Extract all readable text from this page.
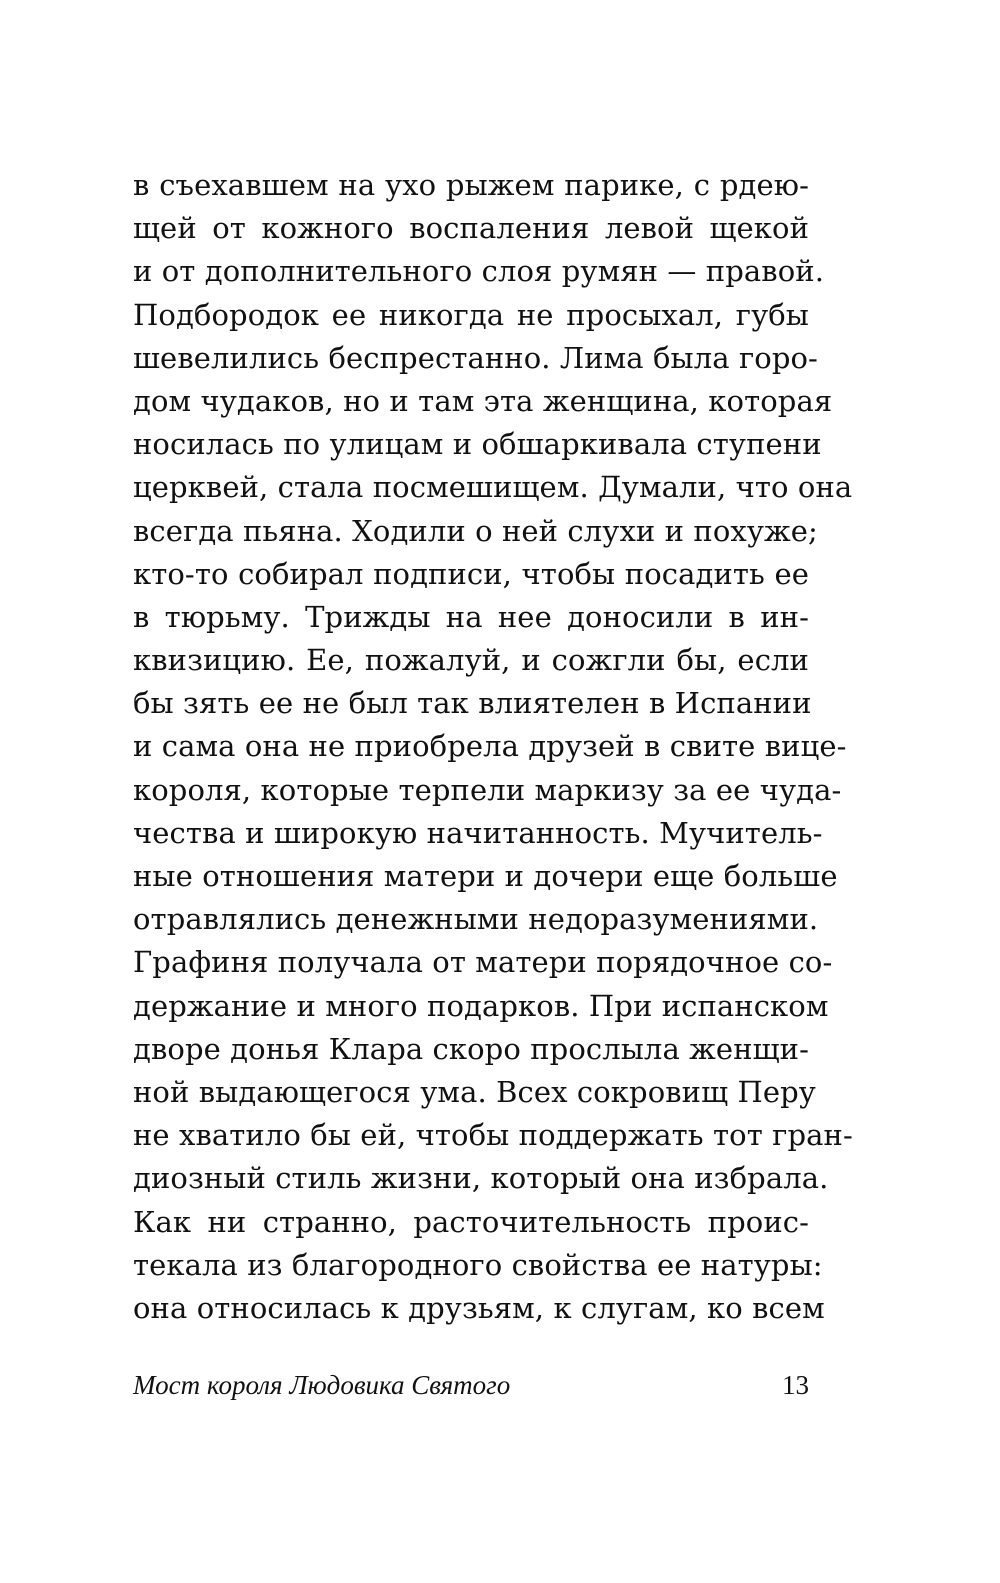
в съехавшем на ухо рыжем парике, с рдею-
щей от кожного воспаления левой щекой
и от дополнительного слоя румян — правой.
Подбородок ее никогда не просыхал, губы
шевелились беспрестанно. Лима была горо-
дом чудаков, но и там эта женщина, которая
носилась по улицам и обшаркивала ступени
церквей, стала посмешищем. Думали, что она
всегда пьяна. Ходили о ней слухи и похуже;
кто-то собирал подписи, чтобы посадить ее
в тюрьму. Трижды на нее доносили в ин-
квизицию. Ее, пожалуй, и сожгли бы, если
бы зять ее не был так влиятелен в Испании
и сама она не приобрела друзей в свите вице-
короля, которые терпели маркизу за ее чуда-
чества и широкую начитанность. Мучитель-
ные отношения матери и дочери еще больше
отравлялись денежными недоразумениями.
Графиня получала от матери порядочное со-
держание и много подарков. При испанском
дворе донья Клара скоро прослыла женщи-
ной выдающегося ума. Всех сокровищ Перу
не хватило бы ей, чтобы поддержать тот гран-
диозный стиль жизни, который она избрала.
Как ни странно, расточительность проис-
текала из благородного свойства ее натуры:
она относилась к друзьям, к слугам, ко всем
Мост короля Людовика Святого	13
